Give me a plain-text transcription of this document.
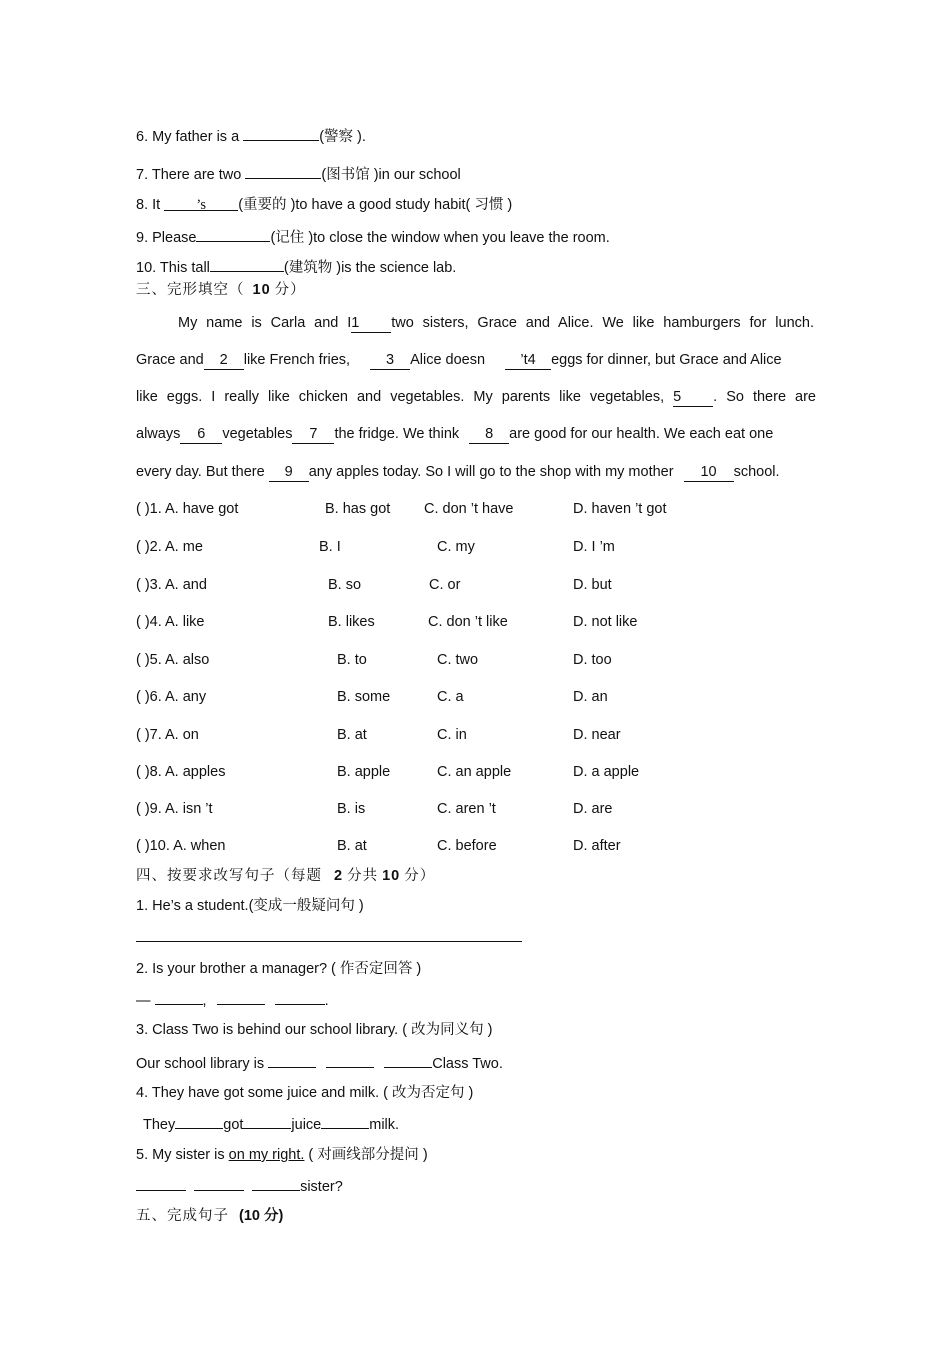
6. My father is a	(警察 ).
7. There are two	(图书馆 )in our school
8. It ’s (重要的 )to have a good study habit( 习惯 )
9. Please	(记住 )to close the window when you leave the room.
10. This tall	(建筑物 )is the science lab.
三、完形填空（ 10 分）
My name is Carla and I1 two sisters, Grace and Alice. We like hamburgers for lunch.
Grace and 2 like French fries, 3 Alice doesn ’t4 eggs for dinner, but Grace and Alice
like eggs. I really like chicken and vegetables. My parents like vegetables, 5 . So there are
always 6 vegetables 7 the fridge. We think 8 are good for our health. We each eat one
every day. But there 9 any apples today. So I will go to the shop with my mother 10 school.
( )1. A. have got	B. has got C. don ’t have	D. haven ’t got
( )2. A. me	B. I	C. my	D. I ’m
( )3. A. and	B. so	C. or	D. but
( )4. A. like	B. likes	C. don ’t like	D. not like
( )5. A. also	B. to	C. two	D. too
( )6. A. any	B. some	C. a	D. an
( )7. A. on	B. at	C. in	D. near
( )8. A. apples	B. apple	C. an apple	D. a apple
( )9. A. isn ’t	B. is	C. aren ’t	D. are
( )10. A. when	B. at	C. before	D. after
四、按要求改写句子（每题 2 分共 10 分）
1. He’s a student.(变成一般疑问句 )
2. Is your brother a manager? ( 作否定回答 )
—	,	.
3. Class Two is behind our school library. ( 改为同义句 )
Our school library is	Class Two.
4. They have got some juice and milk. ( 改为否定句 )
They	got	juice	milk.
5. My sister is on my right. ( 对画线部分提问 )
sister?
五、完成句子 (10 分)
